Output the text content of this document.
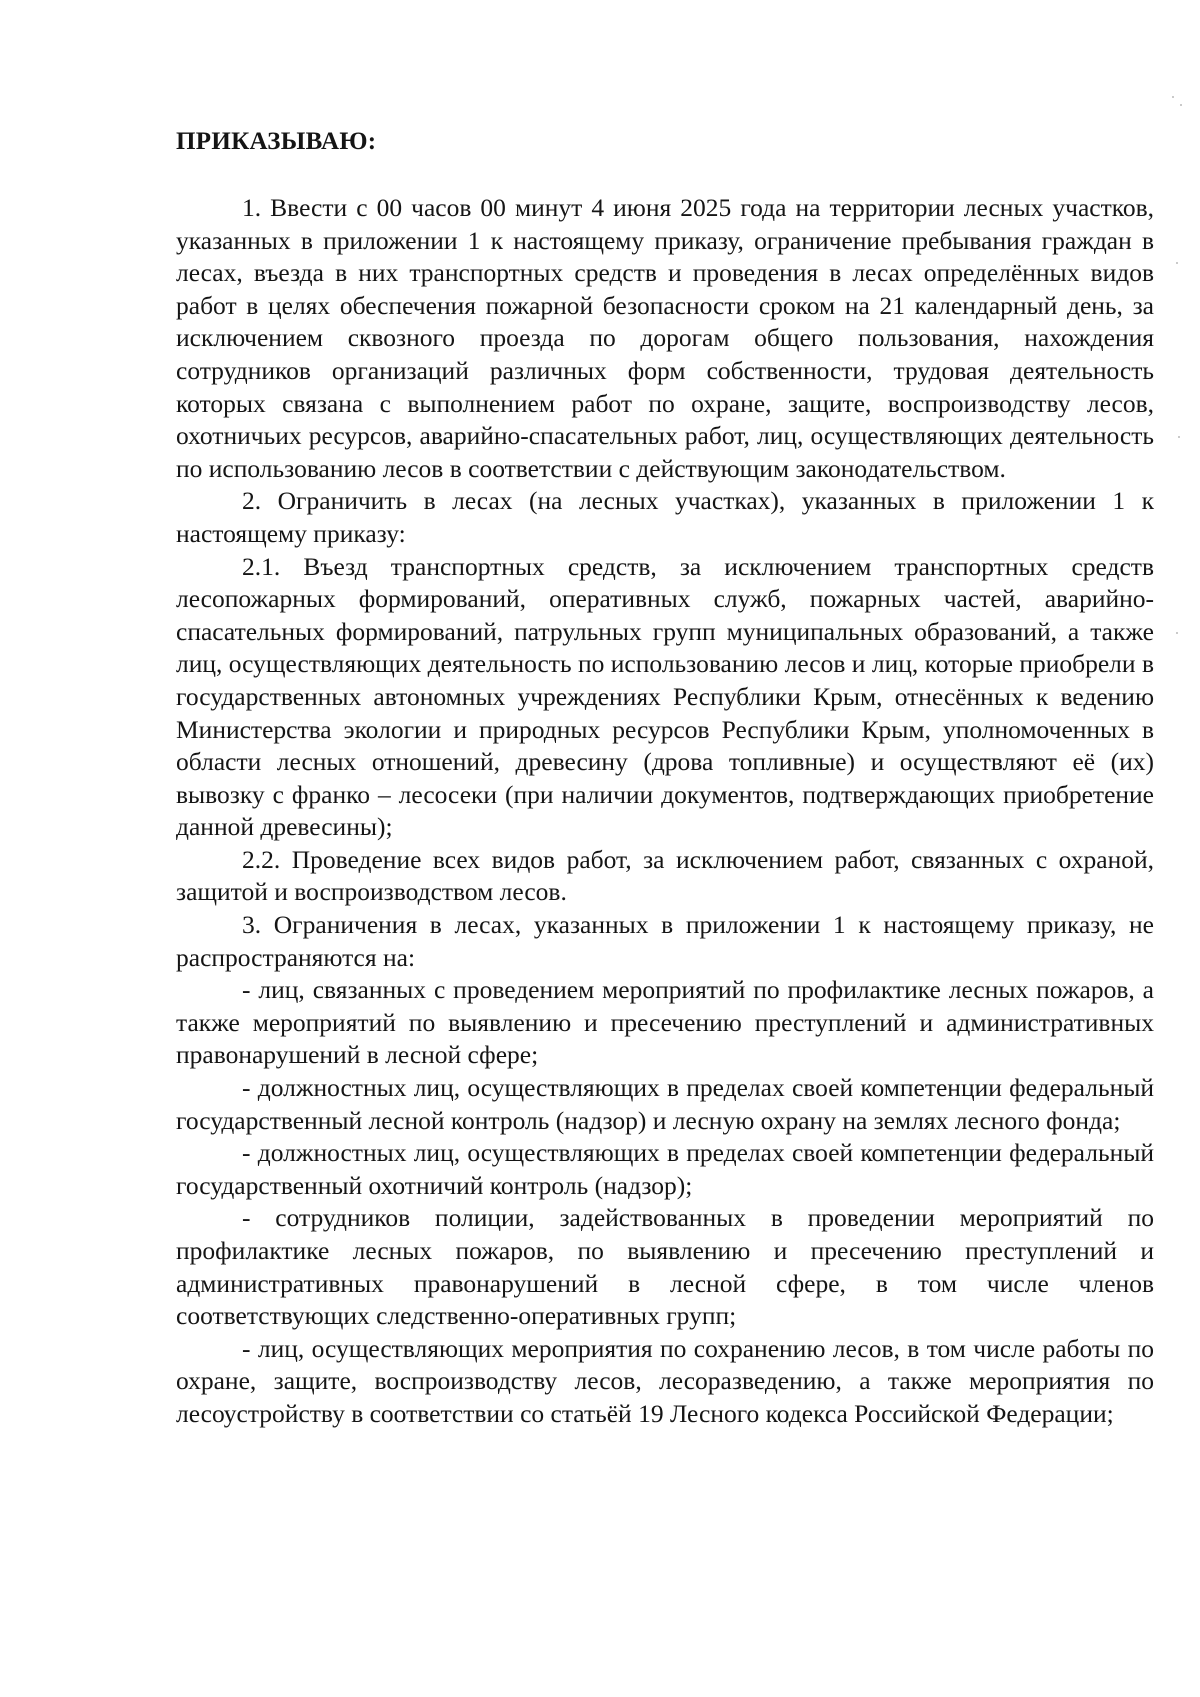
ПРИКАЗЫВАЮ:

1. Ввести с 00 часов 00 минут 4 июня 2025 года на территории лесных участков, указанных в приложении 1 к настоящему приказу, ограничение пребывания граждан в лесах, въезда в них транспортных средств и проведения в лесах определённых видов работ в целях обеспечения пожарной безопасности сроком на 21 календарный день, за исключением сквозного проезда по дорогам общего пользования, нахождения сотрудников организаций различных форм собственности, трудовая деятельность которых связана с выполнением работ по охране, защите, воспроизводству лесов, охотничьих ресурсов, аварийно-спасательных работ, лиц, осуществляющих деятельность по использованию лесов в соответствии с действующим законодательством.

2. Ограничить в лесах (на лесных участках), указанных в приложении 1 к настоящему приказу:

2.1. Въезд транспортных средств, за исключением транспортных средств лесопожарных формирований, оперативных служб, пожарных частей, аварийно-спасательных формирований, патрульных групп муниципальных образований, а также лиц, осуществляющих деятельность по использованию лесов и лиц, которые приобрели в государственных автономных учреждениях Республики Крым, отнесённых к ведению Министерства экологии и природных ресурсов Республики Крым, уполномоченных в области лесных отношений, древесину (дрова топливные) и осуществляют её (их) вывозку с франко – лесосеки (при наличии документов, подтверждающих приобретение данной древесины);

2.2. Проведение всех видов работ, за исключением работ, связанных с охраной, защитой и воспроизводством лесов.

3. Ограничения в лесах, указанных в приложении 1 к настоящему приказу, не распространяются на:

- лиц, связанных с проведением мероприятий по профилактике лесных пожаров, а также мероприятий по выявлению и пресечению преступлений и административных правонарушений в лесной сфере;

- должностных лиц, осуществляющих в пределах своей компетенции федеральный государственный лесной контроль (надзор) и лесную охрану на землях лесного фонда;

- должностных лиц, осуществляющих в пределах своей компетенции федеральный государственный охотничий контроль (надзор);

- сотрудников полиции, задействованных в проведении мероприятий по профилактике лесных пожаров, по выявлению и пресечению преступлений и административных правонарушений в лесной сфере, в том числе членов соответствующих следственно-оперативных групп;

- лиц, осуществляющих мероприятия по сохранению лесов, в том числе работы по охране, защите, воспроизводству лесов, лесоразведению, а также мероприятия по лесоустройству в соответствии со статьёй 19 Лесного кодекса Российской Федерации;
